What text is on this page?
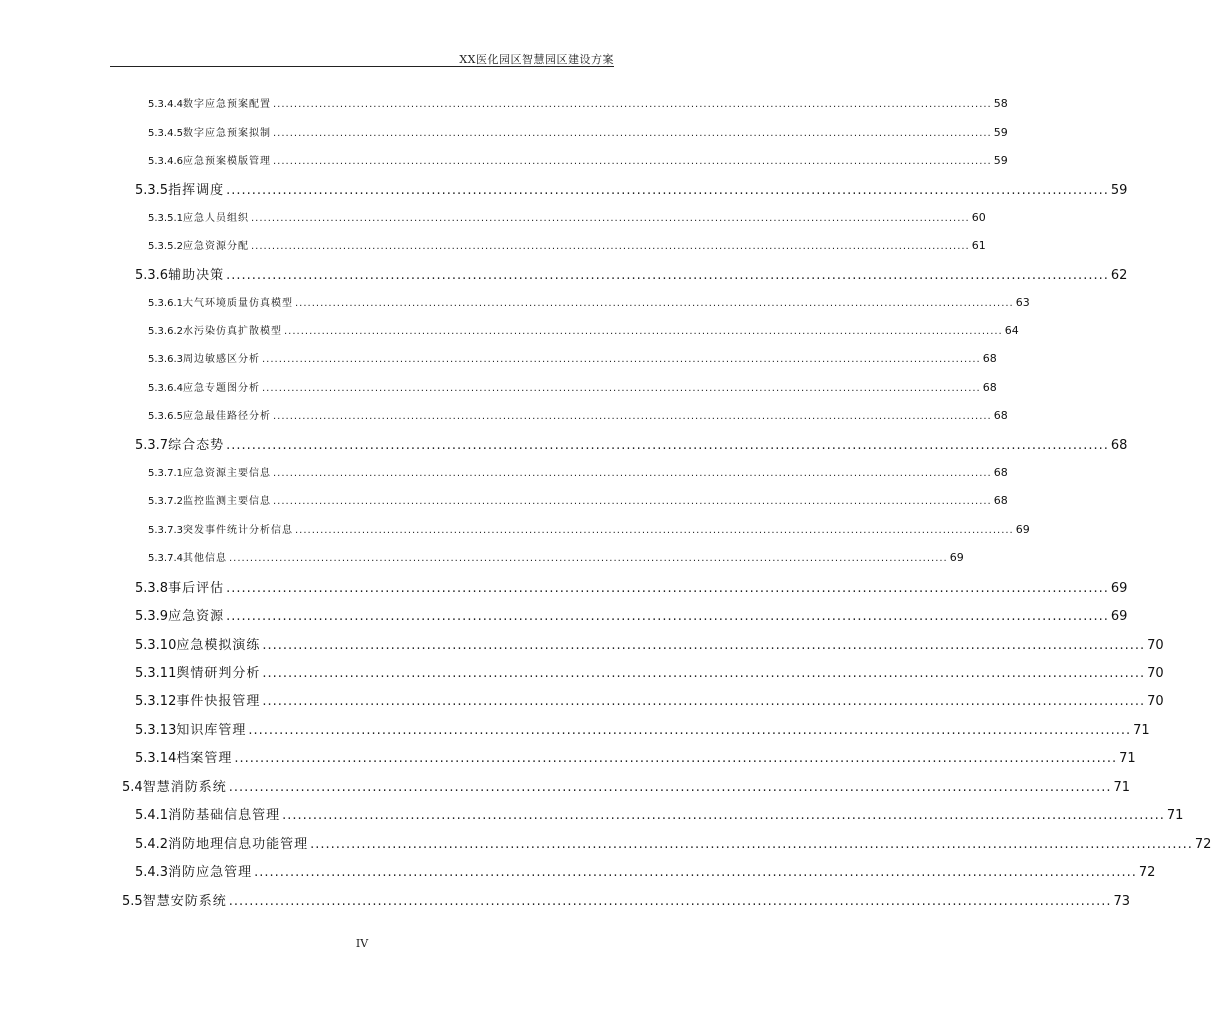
XX医化园区智慧园区建设方案
5.3.4.4 数字应急预案配置 ............................................................................................................................................................................ 58
5.3.4.5 数字应急预案拟制 ............................................................................................................................................................................ 59
5.3.4.6 应急预案模版管理 ............................................................................................................................................................................ 59
5.3.5 指挥调度 ............................................................................................................................................................................ 59
5.3.5.1 应急人员组织 ............................................................................................................................................................................ 60
5.3.5.2 应急资源分配 ............................................................................................................................................................................ 61
5.3.6 辅助决策 ............................................................................................................................................................................ 62
5.3.6.1 大气环境质量仿真模型 ............................................................................................................................................................................ 63
5.3.6.2 水污染仿真扩散模型 ............................................................................................................................................................................ 64
5.3.6.3 周边敏感区分析 ............................................................................................................................................................................ 68
5.3.6.4 应急专题图分析 ............................................................................................................................................................................ 68
5.3.6.5 应急最佳路径分析 ............................................................................................................................................................................ 68
5.3.7 综合态势 ............................................................................................................................................................................ 68
5.3.7.1 应急资源主要信息 ............................................................................................................................................................................ 68
5.3.7.2 监控监测主要信息 ............................................................................................................................................................................ 68
5.3.7.3 突发事件统计分析信息 ............................................................................................................................................................................ 69
5.3.7.4 其他信息 ............................................................................................................................................................................ 69
5.3.8 事后评估 ............................................................................................................................................................................ 69
5.3.9 应急资源 ............................................................................................................................................................................ 69
5.3.10 应急模拟演练 ............................................................................................................................................................................ 70
5.3.11 舆情研判分析 ............................................................................................................................................................................ 70
5.3.12 事件快报管理 ............................................................................................................................................................................ 70
5.3.13 知识库管理 ............................................................................................................................................................................ 71
5.3.14 档案管理 ............................................................................................................................................................................ 71
5.4 智慧消防系统 ............................................................................................................................................................................ 71
5.4.1 消防基础信息管理 ............................................................................................................................................................................ 71
5.4.2 消防地理信息功能管理 ............................................................................................................................................................................ 72
5.4.3 消防应急管理 ............................................................................................................................................................................ 72
5.5 智慧安防系统 ............................................................................................................................................................................ 73
IV
